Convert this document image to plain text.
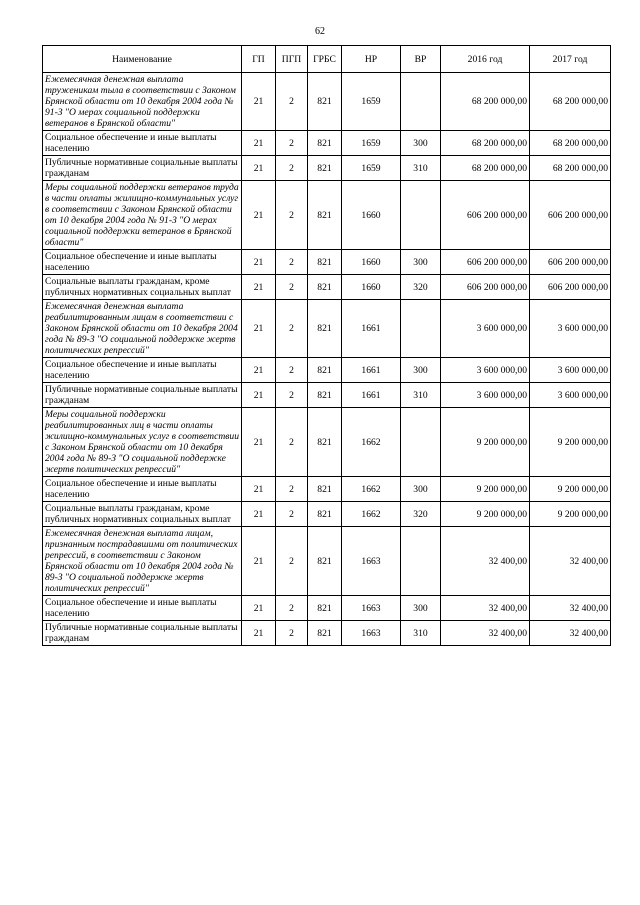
62
Наименование	ГП	ПГП	ГРБС	НР	ВР	2016 год	2017 год
Ежемесячная денежная выплата труженикам тыла в соответствии с Законом Брянской области от 10 декабря 2004 года № 91-З "О мерах социальной поддержки ветеранов в Брянской области"	21	2	821	1659		68 200 000,00	68 200 000,00
Социальное обеспечение и иные выплаты населению	21	2	821	1659	300	68 200 000,00	68 200 000,00
Публичные нормативные социальные выплаты гражданам	21	2	821	1659	310	68 200 000,00	68 200 000,00
Меры социальной поддержки ветеранов труда в части оплаты жилищно-коммунальных услуг в соответствии с Законом Брянской области от 10 декабря 2004 года № 91-З "О мерах социальной поддержки ветеранов в Брянской области"	21	2	821	1660		606 200 000,00	606 200 000,00
Социальное обеспечение и иные выплаты населению	21	2	821	1660	300	606 200 000,00	606 200 000,00
Социальные выплаты гражданам, кроме публичных нормативных социальных выплат	21	2	821	1660	320	606 200 000,00	606 200 000,00
Ежемесячная денежная выплата реабилитированным лицам в соответствии с Законом Брянской области от 10 декабря 2004 года № 89-З "О социальной поддержке жертв политических репрессий"	21	2	821	1661		3 600 000,00	3 600 000,00
Социальное обеспечение и иные выплаты населению	21	2	821	1661	300	3 600 000,00	3 600 000,00
Публичные нормативные социальные выплаты гражданам	21	2	821	1661	310	3 600 000,00	3 600 000,00
Меры социальной поддержки реабилитированных лиц в части оплаты жилищно-коммунальных услуг в соответствии с Законом Брянской области от 10 декабря 2004 года № 89-З "О социальной поддержке жертв политических репрессий"	21	2	821	1662		9 200 000,00	9 200 000,00
Социальное обеспечение и иные выплаты населению	21	2	821	1662	300	9 200 000,00	9 200 000,00
Социальные выплаты гражданам, кроме публичных нормативных социальных выплат	21	2	821	1662	320	9 200 000,00	9 200 000,00
Ежемесячная денежная выплата лицам, признанным пострадавшими от политических репрессий, в соответствии с Законом Брянской области от 10 декабря 2004 года № 89-З "О социальной поддержке жертв политических репрессий"	21	2	821	1663		32 400,00	32 400,00
Социальное обеспечение и иные выплаты населению	21	2	821	1663	300	32 400,00	32 400,00
Публичные нормативные социальные выплаты гражданам	21	2	821	1663	310	32 400,00	32 400,00
